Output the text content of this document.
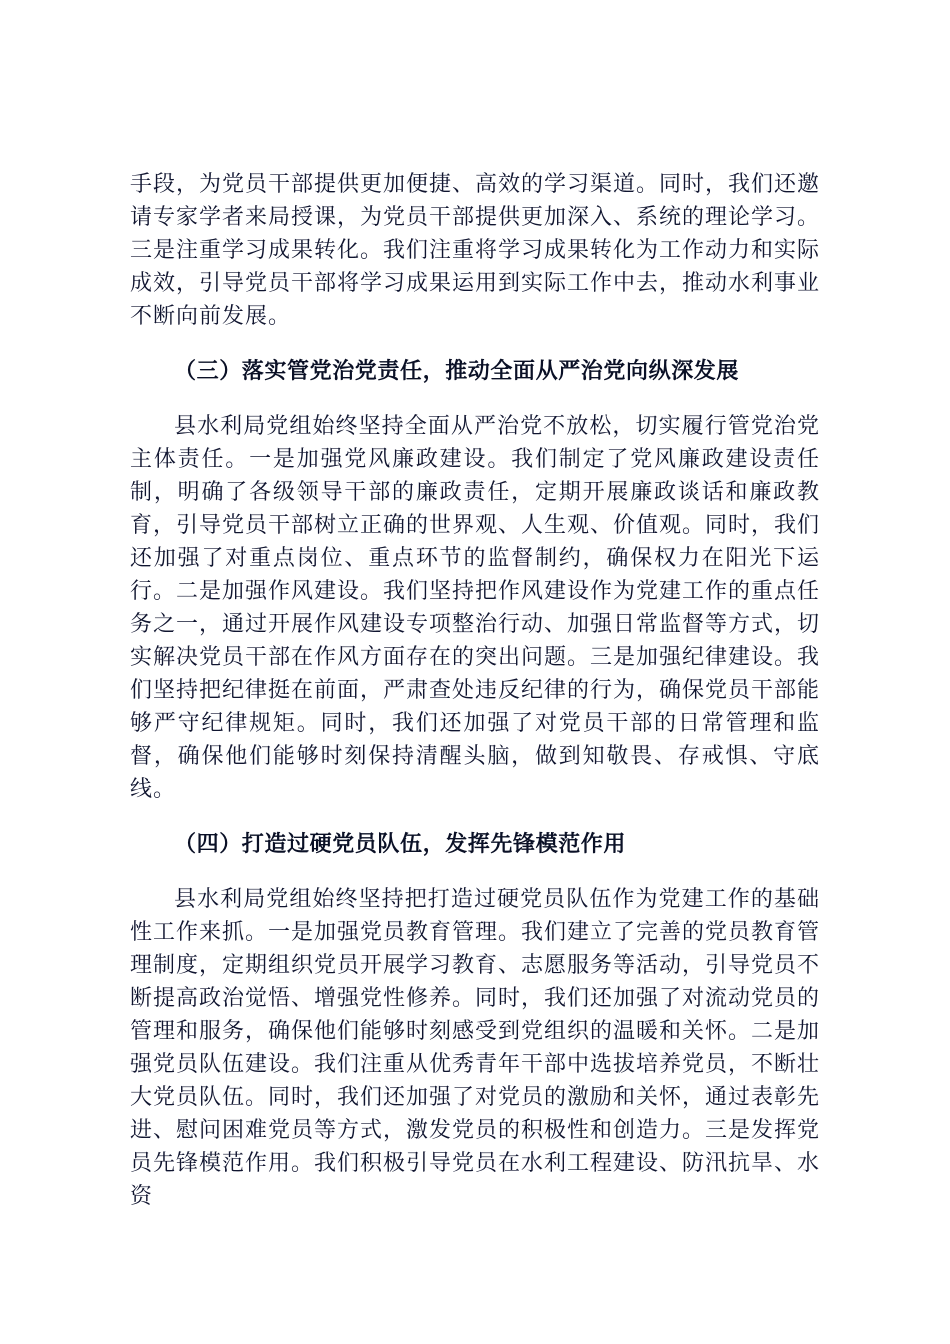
手段，为党员干部提供更加便捷、高效的学习渠道。同时，我们还邀请专家学者来局授课，为党员干部提供更加深入、系统的理论学习。三是注重学习成果转化。我们注重将学习成果转化为工作动力和实际成效，引导党员干部将学习成果运用到实际工作中去，推动水利事业不断向前发展。

（三）落实管党治党责任，推动全面从严治党向纵深发展

县水利局党组始终坚持全面从严治党不放松，切实履行管党治党主体责任。一是加强党风廉政建设。我们制定了党风廉政建设责任制，明确了各级领导干部的廉政责任，定期开展廉政谈话和廉政教育，引导党员干部树立正确的世界观、人生观、价值观。同时，我们还加强了对重点岗位、重点环节的监督制约，确保权力在阳光下运行。二是加强作风建设。我们坚持把作风建设作为党建工作的重点任务之一，通过开展作风建设专项整治行动、加强日常监督等方式，切实解决党员干部在作风方面存在的突出问题。三是加强纪律建设。我们坚持把纪律挺在前面，严肃查处违反纪律的行为，确保党员干部能够严守纪律规矩。同时，我们还加强了对党员干部的日常管理和监督，确保他们能够时刻保持清醒头脑，做到知敬畏、存戒惧、守底线。

（四）打造过硬党员队伍，发挥先锋模范作用

县水利局党组始终坚持把打造过硬党员队伍作为党建工作的基础性工作来抓。一是加强党员教育管理。我们建立了完善的党员教育管理制度，定期组织党员开展学习教育、志愿服务等活动，引导党员不断提高政治觉悟、增强党性修养。同时，我们还加强了对流动党员的管理和服务，确保他们能够时刻感受到党组织的温暖和关怀。二是加强党员队伍建设。我们注重从优秀青年干部中选拔培养党员，不断壮大党员队伍。同时，我们还加强了对党员的激励和关怀，通过表彰先进、慰问困难党员等方式，激发党员的积极性和创造力。三是发挥党员先锋模范作用。我们积极引导党员在水利工程建设、防汛抗旱、水资
